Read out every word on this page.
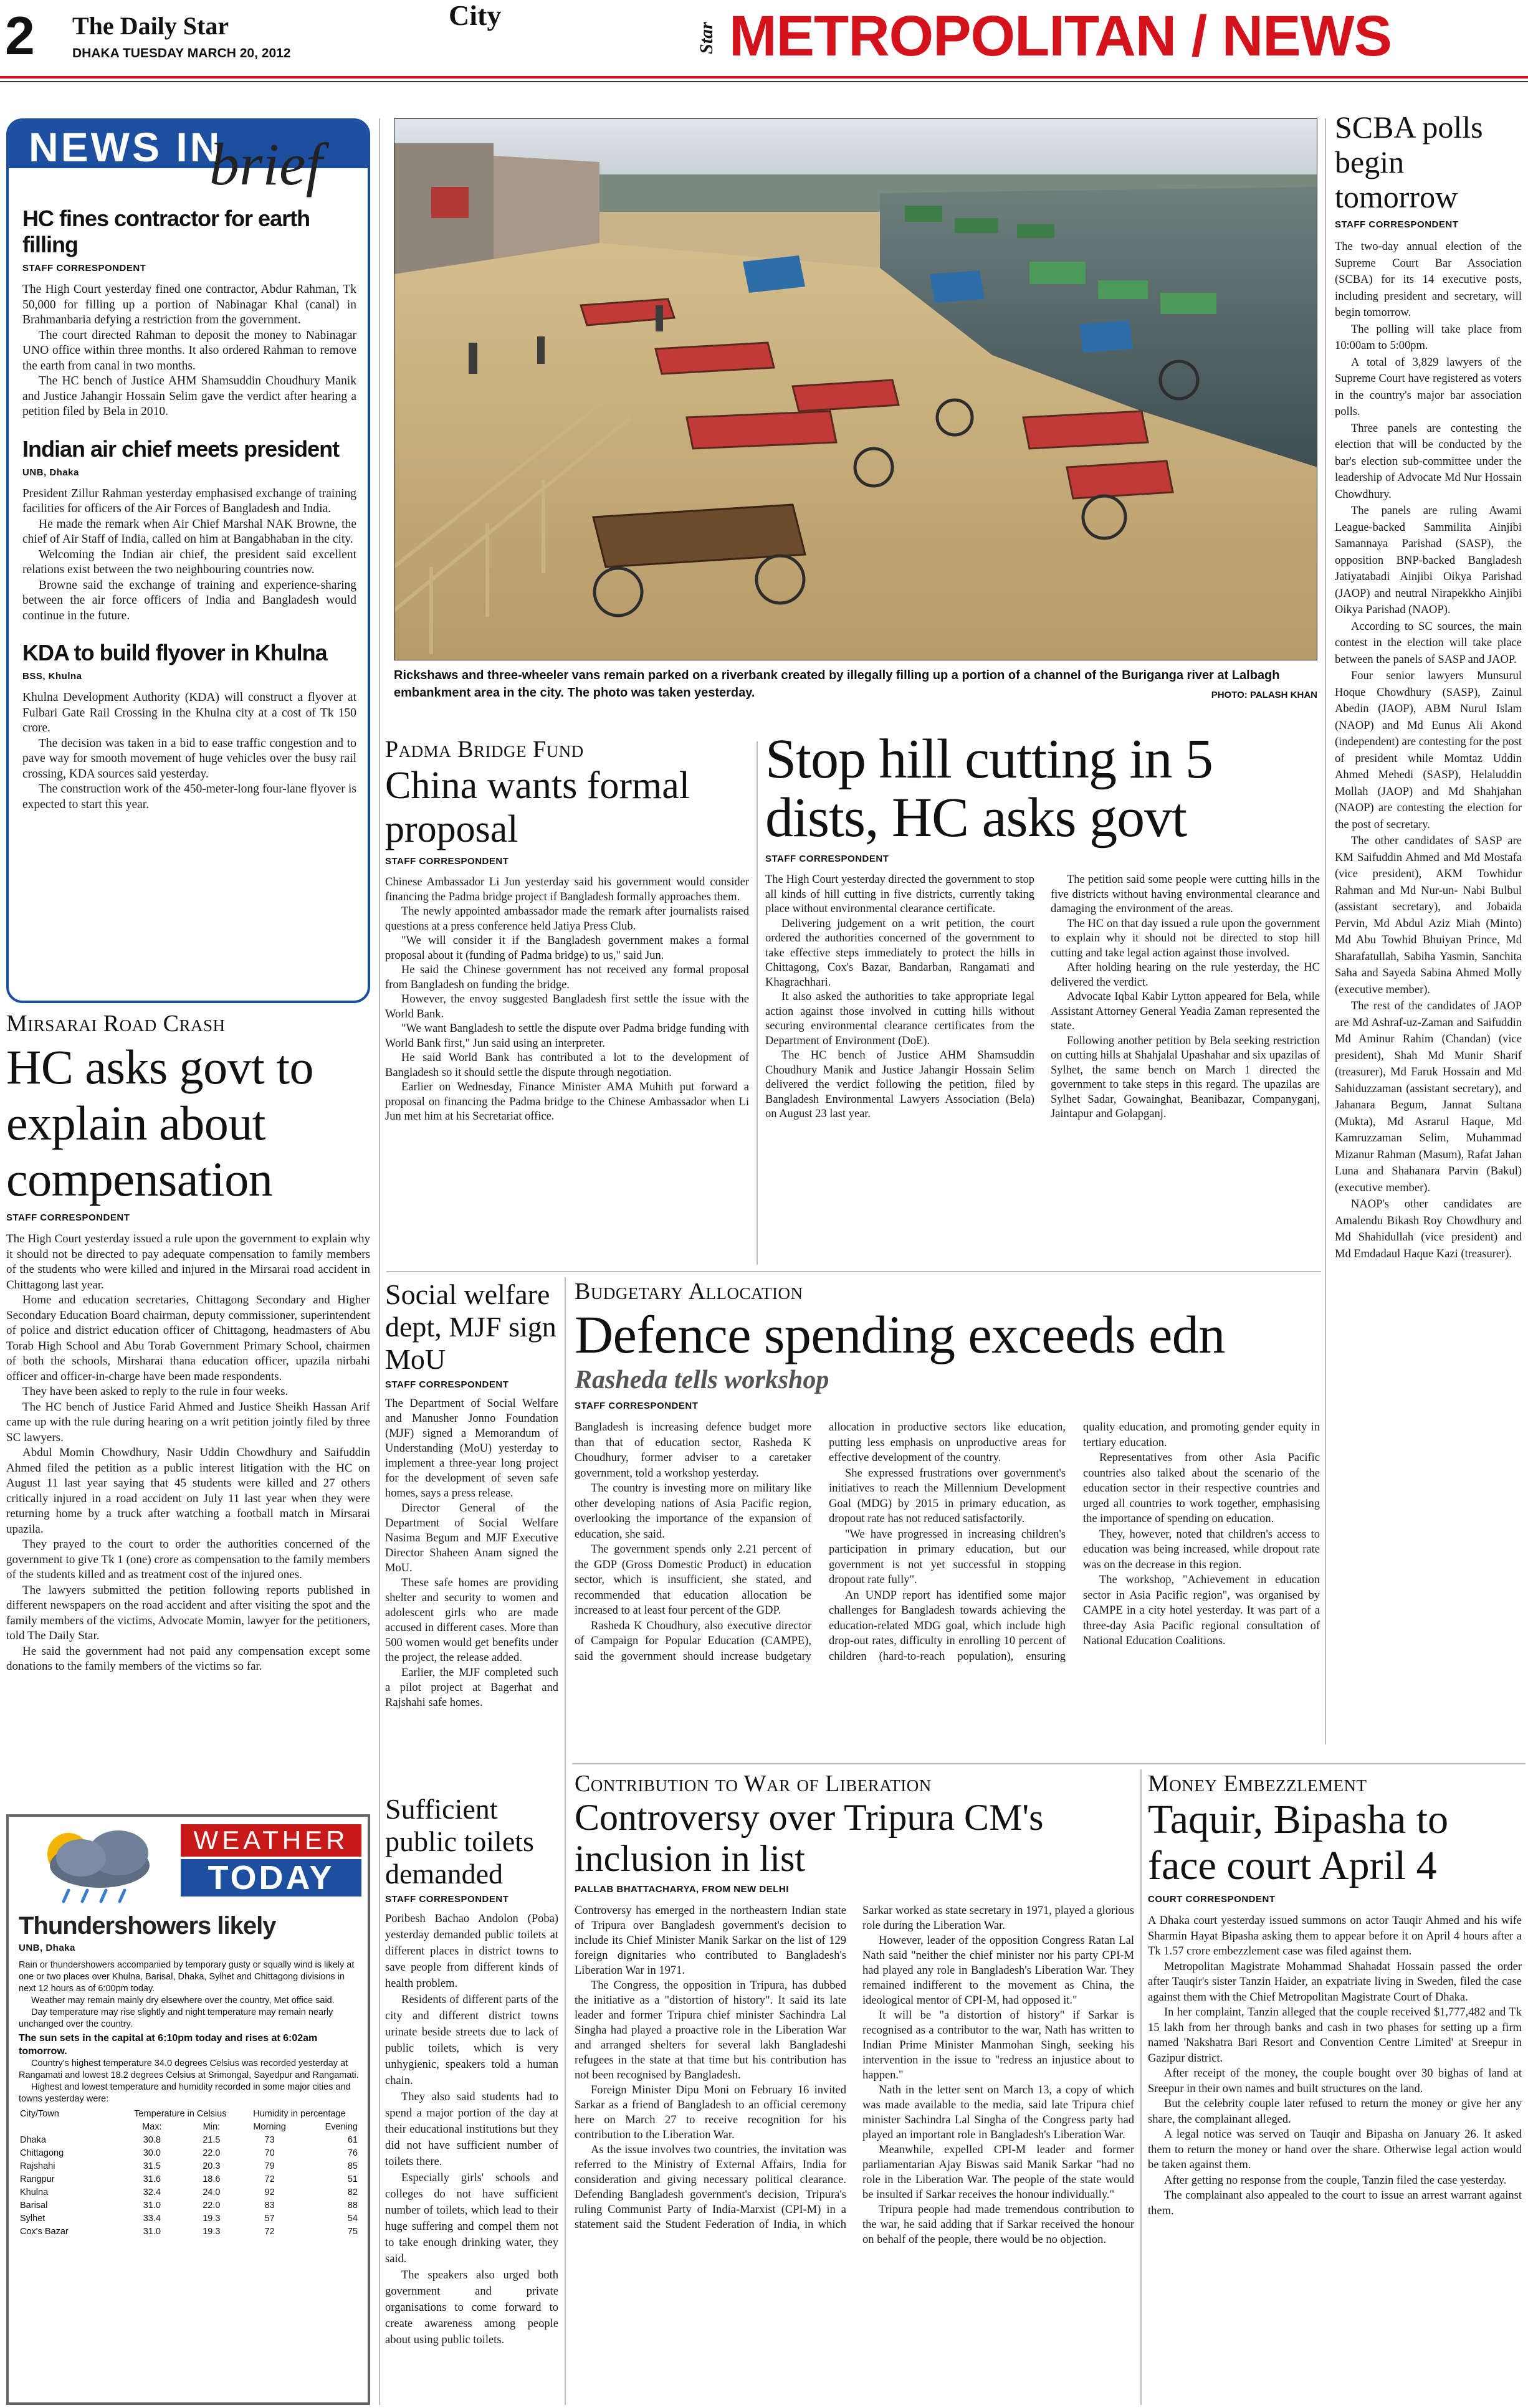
2 The Daily Star
DHAKA TUESDAY MARCH 20, 2012
City
Star METROPOLITAN / NEWS
NEWS IN
brief
HC fines contractor for earth filling
STAFF CORRESPONDENT

The High Court yesterday fined one contractor, Abdur Rahman, Tk 50,000 for filling up a portion of Nabinagar Khal (canal) in Brahmanbaria defying a restriction from the government.

The court directed Rahman to deposit the money to Nabinagar UNO office within three months. It also ordered Rahman to remove the earth from canal in two months.

The HC bench of Justice AHM Shamsuddin Choudhury Manik and Justice Jahangir Hossain Selim gave the verdict after hearing a petition filed by Bela in 2010.

Indian air chief meets president
UNB, Dhaka

President Zillur Rahman yesterday emphasised exchange of training facilities for officers of the Air Forces of Bangladesh and India.

He made the remark when Air Chief Marshal NAK Browne, the chief of Air Staff of India, called on him at Bangabhaban in the city.

Welcoming the Indian air chief, the president said excellent relations exist between the two neighbouring countries now.

Browne said the exchange of training and experience-sharing between the air force officers of India and Bangladesh would continue in the future.

KDA to build flyover in Khulna
BSS, Khulna

Khulna Development Authority (KDA) will construct a flyover at Fulbari Gate Rail Crossing in the Khulna city at a cost of Tk 150 crore.

The decision was taken in a bid to ease traffic congestion and to pave way for smooth movement of huge vehicles over the busy rail crossing, KDA sources said yesterday.

The construction work of the 450-meter-long four-lane flyover is expected to start this year.

Mirsarai Road Crash
HC asks govt to explain about compensation
STAFF CORRESPONDENT

The High Court yesterday issued a rule upon the government to explain why it should not be directed to pay adequate compensation to family members of the students who were killed and injured in the Mirsarai road accident in Chittagong last year.

Home and education secretaries, Chittagong Secondary and Higher Secondary Education Board chairman, deputy commissioner, superintendent of police and district education officer of Chittagong, headmasters of Abu Torab High School and Abu Torab Government Primary School, chairmen of both the schools, Mirsharai thana education officer, upazila nirbahi officer and officer-in-charge have been made respondents.

They have been asked to reply to the rule in four weeks.

The HC bench of Justice Farid Ahmed and Justice Sheikh Hassan Arif came up with the rule during hearing on a writ petition jointly filed by three SC lawyers.

Abdul Momin Chowdhury, Nasir Uddin Chowdhury and Saifuddin Ahmed filed the petition as a public interest litigation with the HC on August 11 last year saying that 45 students were killed and 27 others critically injured in a road accident on July 11 last year when they were returning home by a truck after watching a football match in Mirsarai upazila.

They prayed to the court to order the authorities concerned of the government to give Tk 1 (one) crore as compensation to the family members of the students killed and as treatment cost of the injured ones.

The lawyers submitted the petition following reports published in different newspapers on the road accident and after visiting the spot and the family members of the victims, Advocate Momin, lawyer for the petitioners, told The Daily Star.

He said the government had not paid any compensation except some donations to the family members of the victims so far.

WEATHER
TODAY
Thundershowers likely
UNB, Dhaka
Rain or thundershowers accompanied by temporary gusty or squally wind is likely at one or two places over Khulna, Barisal, Dhaka, Sylhet and Chittagong divisions in next 12 hours as of 6:00pm today.
Weather may remain mainly dry elsewhere over the country, Met office said.
Day temperature may rise slightly and night temperature may remain nearly unchanged over the country.
The sun sets in the capital at 6:10pm today and rises at 6:02am tomorrow.
Country's highest temperature 34.0 degrees Celsius was recorded yesterday at Rangamati and lowest 18.2 degrees Celsius at Srimongal, Sayedpur and Rangamati.
Highest and lowest temperature and humidity recorded in some major cities and towns yesterday were:
City/Town	Temperature in Celsius		Humidity in percentage	
	Max:	Min:	Morning	Evening
Dhaka	30.8	21.5	73	61
Chittagong	30.0	22.0	70	76
Rajshahi	31.5	20.3	79	85
Rangpur	31.6	18.6	72	51
Khulna	32.4	24.0	92	82
Barisal	31.0	22.0	83	88
Sylhet	33.4	19.3	57	54
Cox's Bazar	31.0	19.3	72	75
Rickshaws and three-wheeler vans remain parked on a riverbank created by illegally filling up a portion of a channel of the Buriganga river at Lalbagh embankment area in the city. The photo was taken yesterday.	PHOTO: PALASH KHAN
Padma Bridge Fund
China wants formal proposal
STAFF CORRESPONDENT

Chinese Ambassador Li Jun yesterday said his government would consider financing the Padma bridge project if Bangladesh formally approaches them.

The newly appointed ambassador made the remark after journalists raised questions at a press conference held Jatiya Press Club.

"We will consider it if the Bangladesh government makes a formal proposal about it (funding of Padma bridge) to us," said Jun.

He said the Chinese government has not received any formal proposal from Bangladesh on funding the bridge.

However, the envoy suggested Bangladesh first settle the issue with the World Bank.

"We want Bangladesh to settle the dispute over Padma bridge funding with World Bank first," Jun said using an interpreter.

He said World Bank has contributed a lot to the development of Bangladesh so it should settle the dispute through negotiation.

Earlier on Wednesday, Finance Minister AMA Muhith put forward a proposal on financing the Padma bridge to the Chinese Ambassador when Li Jun met him at his Secretariat office.

Stop hill cutting in 5 dists, HC asks govt
STAFF CORRESPONDENT

The High Court yesterday directed the government to stop all kinds of hill cutting in five districts, currently taking place without environmental clearance certificate.

Delivering judgement on a writ petition, the court ordered the authorities concerned of the government to take effective steps immediately to protect the hills in Chittagong, Cox's Bazar, Bandarban, Rangamati and Khagrachhari.

It also asked the authorities to take appropriate legal action against those involved in cutting hills without securing environmental clearance certificates from the Department of Environment (DoE).

The HC bench of Justice AHM Shamsuddin Choudhury Manik and Justice Jahangir Hossain Selim delivered the verdict following the petition, filed by Bangladesh Environmental Lawyers Association (Bela) on August 23 last year.

The petition said some people were cutting hills in the five districts without having environmental clearance and damaging the environment of the areas.

The HC on that day issued a rule upon the government to explain why it should not be directed to stop hill cutting and take legal action against those involved.

After holding hearing on the rule yesterday, the HC delivered the verdict.

Advocate Iqbal Kabir Lytton appeared for Bela, while Assistant Attorney General Yeadia Zaman represented the state.

Following another petition by Bela seeking restriction on cutting hills at Shahjalal Upashahar and six upazilas of Sylhet, the same bench on March 1 directed the government to take steps in this regard. The upazilas are Sylhet Sadar, Gowainghat, Beanibazar, Companyganj, Jaintapur and Golapganj.

SCBA polls begin tomorrow
STAFF CORRESPONDENT

The two-day annual election of the Supreme Court Bar Association (SCBA) for its 14 executive posts, including president and secretary, will begin tomorrow.

The polling will take place from 10:00am to 5:00pm.

A total of 3,829 lawyers of the Supreme Court have registered as voters in the country's major bar association polls.

Three panels are contesting the election that will be conducted by the bar's election sub-committee under the leadership of Advocate Md Nur Hossain Chowdhury.

The panels are ruling Awami League-backed Sammilita Ainjibi Samannaya Parishad (SASP), the opposition BNP-backed Bangladesh Jatiyatabadi Ainjibi Oikya Parishad (JAOP) and neutral Nirapekkho Ainjibi Oikya Parishad (NAOP).

According to SC sources, the main contest in the election will take place between the panels of SASP and JAOP.

Four senior lawyers Munsurul Hoque Chowdhury (SASP), Zainul Abedin (JAOP), ABM Nurul Islam (NAOP) and Md Eunus Ali Akond (independent) are contesting for the post of president while Momtaz Uddin Ahmed Mehedi (SASP), Helaluddin Mollah (JAOP) and Md Shahjahan (NAOP) are contesting the election for the post of secretary.

The other candidates of SASP are KM Saifuddin Ahmed and Md Mostafa (vice president), AKM Towhidur Rahman and Md Nur-un- Nabi Bulbul (assistant secretary), and Jobaida Pervin, Md Abdul Aziz Miah (Minto) Md Abu Towhid Bhuiyan Prince, Md Sharafatullah, Sabiha Yasmin, Sanchita Saha and Sayeda Sabina Ahmed Molly (executive member).

The rest of the candidates of JAOP are Md Ashraf-uz-Zaman and Saifuddin Md Aminur Rahim (Chandan) (vice president), Shah Md Munir Sharif (treasurer), Md Faruk Hossain and Md Sahiduzzaman (assistant secretary), and Jahanara Begum, Jannat Sultana (Mukta), Md Asrarul Haque, Md Kamruzzaman Selim, Muhammad Mizanur Rahman (Masum), Rafat Jahan Luna and Shahanara Parvin (Bakul) (executive member).

NAOP's other candidates are Amalendu Bikash Roy Chowdhury and Md Shahidullah (vice president) and Md Emdadaul Haque Kazi (treasurer).

Social welfare dept, MJF sign MoU
STAFF CORRESPONDENT

The Department of Social Welfare and Manusher Jonno Foundation (MJF) signed a Memorandum of Understanding (MoU) yesterday to implement a three-year long project for the development of seven safe homes, says a press release.

Director General of the Department of Social Welfare Nasima Begum and MJF Executive Director Shaheen Anam signed the MoU.

These safe homes are providing shelter and security to women and adolescent girls who are made accused in different cases. More than 500 women would get benefits under the project, the release added.

Earlier, the MJF completed such a pilot project at Bagerhat and Rajshahi safe homes.

Sufficient public toilets demanded
STAFF CORRESPONDENT

Poribesh Bachao Andolon (Poba) yesterday demanded public toilets at different places in district towns to save people from different kinds of health problem.

Residents of different parts of the city and different district towns urinate beside streets due to lack of public toilets, which is very unhygienic, speakers told a human chain.

They also said students had to spend a major portion of the day at their educational institutions but they did not have sufficient number of toilets there.

Especially girls' schools and colleges do not have sufficient number of toilets, which lead to their huge suffering and compel them not to take enough drinking water, they said.

The speakers also urged both government and private organisations to come forward to create awareness among people about using public toilets.

Budgetary Allocation
Defence spending exceeds edn
Rasheda tells workshop
STAFF CORRESPONDENT

Bangladesh is increasing defence budget more than that of education sector, Rasheda K Choudhury, former adviser to a caretaker government, told a workshop yesterday.

The country is investing more on military like other developing nations of Asia Pacific region, overlooking the importance of the expansion of education, she said.

The government spends only 2.21 percent of the GDP (Gross Domestic Product) in education sector, which is insufficient, she stated, and recommended that education allocation be increased to at least four percent of the GDP.

Rasheda K Choudhury, also executive director of Campaign for Popular Education (CAMPE), said the government should increase budgetary allocation in productive sectors like education, putting less emphasis on unproductive areas for effective development of the country.

She expressed frustrations over government's initiatives to reach the Millennium Development Goal (MDG) by 2015 in primary education, as dropout rate has not reduced satisfactorily.

"We have progressed in increasing children's participation in primary education, but our government is not yet successful in stopping dropout rate fully".

An UNDP report has identified some major challenges for Bangladesh towards achieving the education-related MDG goal, which include high drop-out rates, difficulty in enrolling 10 percent of children (hard-to-reach population), ensuring quality education, and promoting gender equity in tertiary education.

Representatives from other Asia Pacific countries also talked about the scenario of the education sector in their respective countries and urged all countries to work together, emphasising the importance of spending on education.

They, however, noted that children's access to education was being increased, while dropout rate was on the decrease in this region.

The workshop, "Achievement in education sector in Asia Pacific region", was organised by CAMPE in a city hotel yesterday. It was part of a three-day Asia Pacific regional consultation of National Education Coalitions.

Contribution to War of Liberation
Controversy over Tripura CM's inclusion in list
PALLAB BHATTACHARYA, FROM NEW DELHI

Controversy has emerged in the northeastern Indian state of Tripura over Bangladesh government's decision to include its Chief Minister Manik Sarkar on the list of 129 foreign dignitaries who contributed to Bangladesh's Liberation War in 1971.

The Congress, the opposition in Tripura, has dubbed the initiative as a "distortion of history". It said its late leader and former Tripura chief minister Sachindra Lal Singha had played a proactive role in the Liberation War and arranged shelters for several lakh Bangladeshi refugees in the state at that time but his contribution has not been recognised by Bangladesh.

Foreign Minister Dipu Moni on February 16 invited Sarkar as a friend of Bangladesh to an official ceremony here on March 27 to receive recognition for his contribution to the Liberation War.

As the issue involves two countries, the invitation was referred to the Ministry of External Affairs, India for consideration and giving necessary political clearance. Defending Bangladesh government's decision, Tripura's ruling Communist Party of India-Marxist (CPI-M) in a statement said the Student Federation of India, in which Sarkar worked as state secretary in 1971, played a glorious role during the Liberation War.

However, leader of the opposition Congress Ratan Lal Nath said "neither the chief minister nor his party CPI-M had played any role in Bangladesh's Liberation War. They remained indifferent to the movement as China, the ideological mentor of CPI-M, had opposed it."

It will be "a distortion of history" if Sarkar is recognised as a contributor to the war, Nath has written to Indian Prime Minister Manmohan Singh, seeking his intervention in the issue to "redress an injustice about to happen."

Nath in the letter sent on March 13, a copy of which was made available to the media, said late Tripura chief minister Sachindra Lal Singha of the Congress party had played an important role in Bangladesh's Liberation War.

Meanwhile, expelled CPI-M leader and former parliamentarian Ajay Biswas said Manik Sarkar "had no role in the Liberation War. The people of the state would be insulted if Sarkar receives the honour individually."

Tripura people had made tremendous contribution to the war, he said adding that if Sarkar received the honour on behalf of the people, there would be no objection.

Money Embezzlement
Taquir, Bipasha to face court April 4
COURT CORRESPONDENT

A Dhaka court yesterday issued summons on actor Tauqir Ahmed and his wife Sharmin Hayat Bipasha asking them to appear before it on April 4 hours after a Tk 1.57 crore embezzlement case was filed against them.

Metropolitan Magistrate Mohammad Shahadat Hossain passed the order after Tauqir's sister Tanzin Haider, an expatriate living in Sweden, filed the case against them with the Chief Metropolitan Magistrate Court of Dhaka.

In her complaint, Tanzin alleged that the couple received $1,777,482 and Tk 15 lakh from her through banks and cash in two phases for setting up a firm named 'Nakshatra Bari Resort and Convention Centre Limited' at Sreepur in Gazipur district.

After receipt of the money, the couple bought over 30 bighas of land at Sreepur in their own names and built structures on the land.

But the celebrity couple later refused to return the money or give her any share, the complainant alleged.

A legal notice was served on Tauqir and Bipasha on January 26. It asked them to return the money or hand over the share. Otherwise legal action would be taken against them.

After getting no response from the couple, Tanzin filed the case yesterday.

The complainant also appealed to the court to issue an arrest warrant against them.
